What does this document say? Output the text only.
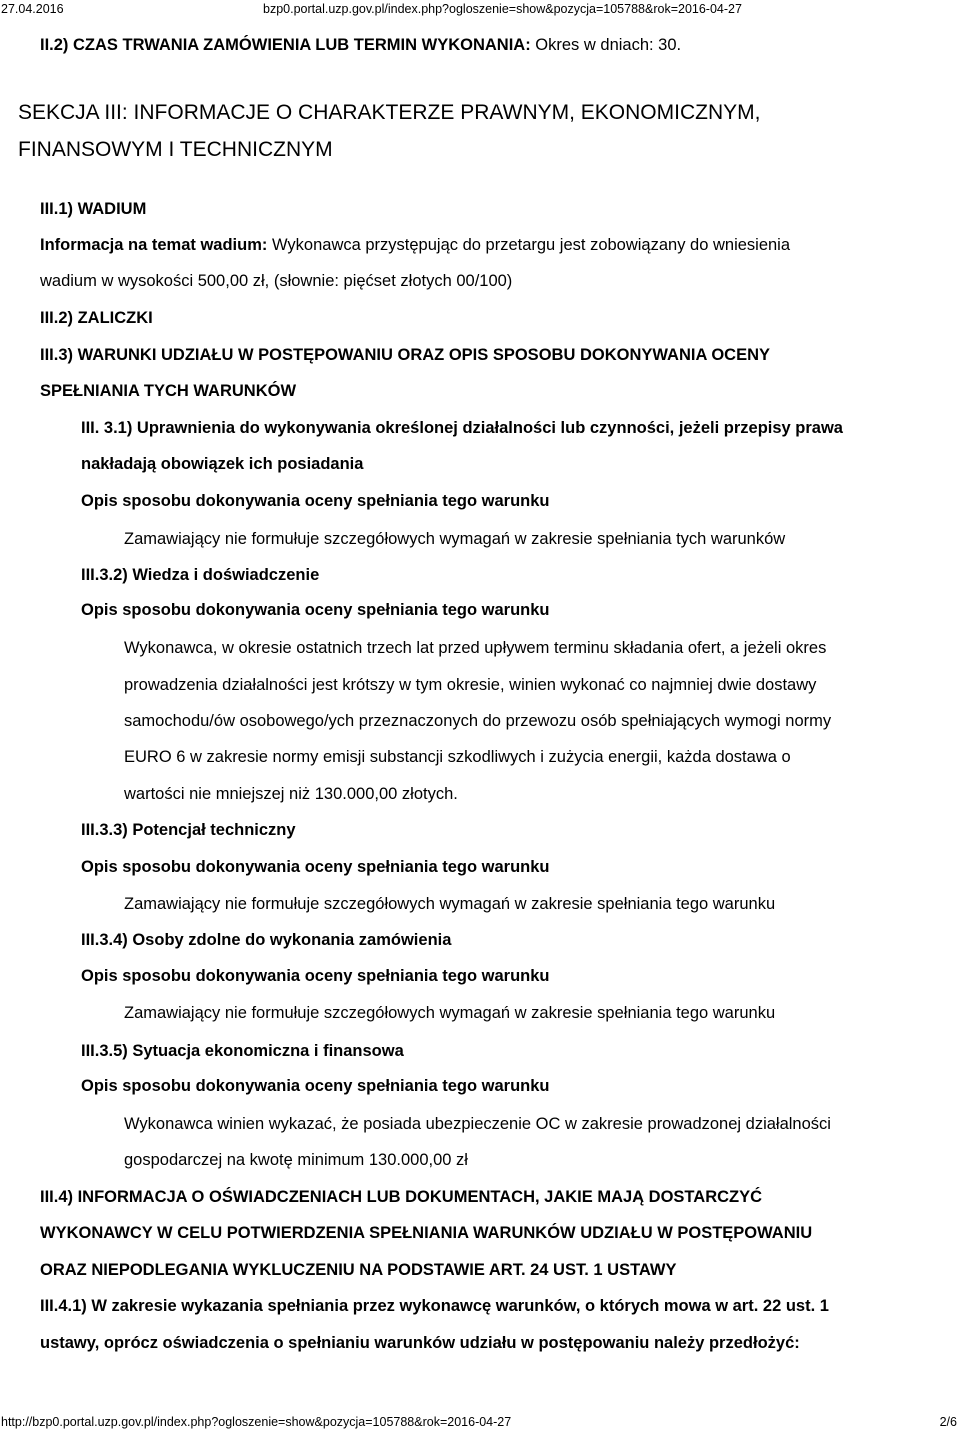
27.04.2016	bzp0.portal.uzp.gov.pl/index.php?ogloszenie=show&pozycja=105788&rok=2016-04-27
II.2) CZAS TRWANIA ZAMÓWIENIA LUB TERMIN WYKONANIA: Okres w dniach: 30.
SEKCJA III: INFORMACJE O CHARAKTERZE PRAWNYM, EKONOMICZNYM,
FINANSOWYM I TECHNICZNYM
III.1) WADIUM
Informacja na temat wadium: Wykonawca przystępując do przetargu jest zobowiązany do wniesienia
wadium w wysokości 500,00 zł, (słownie: pięćset złotych 00/100)
III.2) ZALICZKI
III.3) WARUNKI UDZIAŁU W POSTĘPOWANIU ORAZ OPIS SPOSOBU DOKONYWANIA OCENY
SPEŁNIANIA TYCH WARUNKÓW
III. 3.1) Uprawnienia do wykonywania określonej działalności lub czynności, jeżeli przepisy prawa
nakładają obowiązek ich posiadania
Opis sposobu dokonywania oceny spełniania tego warunku
Zamawiający nie formułuje szczegółowych wymagań w zakresie spełniania tych warunków
III.3.2) Wiedza i doświadczenie
Opis sposobu dokonywania oceny spełniania tego warunku
Wykonawca, w okresie ostatnich trzech lat przed upływem terminu składania ofert, a jeżeli okres
prowadzenia działalności jest krótszy w tym okresie, winien wykonać co najmniej dwie dostawy
samochodu/ów osobowego/ych przeznaczonych do przewozu osób spełniających wymogi normy
EURO 6 w zakresie normy emisji substancji szkodliwych i zużycia energii, każda dostawa o
wartości nie mniejszej niż 130.000,00 złotych.
III.3.3) Potencjał techniczny
Opis sposobu dokonywania oceny spełniania tego warunku
Zamawiający nie formułuje szczegółowych wymagań w zakresie spełniania tego warunku
III.3.4) Osoby zdolne do wykonania zamówienia
Opis sposobu dokonywania oceny spełniania tego warunku
Zamawiający nie formułuje szczegółowych wymagań w zakresie spełniania tego warunku
III.3.5) Sytuacja ekonomiczna i finansowa
Opis sposobu dokonywania oceny spełniania tego warunku
Wykonawca winien wykazać, że posiada ubezpieczenie OC w zakresie prowadzonej działalności
gospodarczej na kwotę minimum 130.000,00 zł
III.4) INFORMACJA O OŚWIADCZENIACH LUB DOKUMENTACH, JAKIE MAJĄ DOSTARCZYĆ
WYKONAWCY W CELU POTWIERDZENIA SPEŁNIANIA WARUNKÓW UDZIAŁU W POSTĘPOWANIU
ORAZ NIEPODLEGANIA WYKLUCZENIU NA PODSTAWIE ART. 24 UST. 1 USTAWY
III.4.1) W zakresie wykazania spełniania przez wykonawcę warunków, o których mowa w art. 22 ust. 1
ustawy, oprócz oświadczenia o spełnianiu warunków udziału w postępowaniu należy przedłożyć:
http://bzp0.portal.uzp.gov.pl/index.php?ogloszenie=show&pozycja=105788&rok=2016-04-27	2/6
